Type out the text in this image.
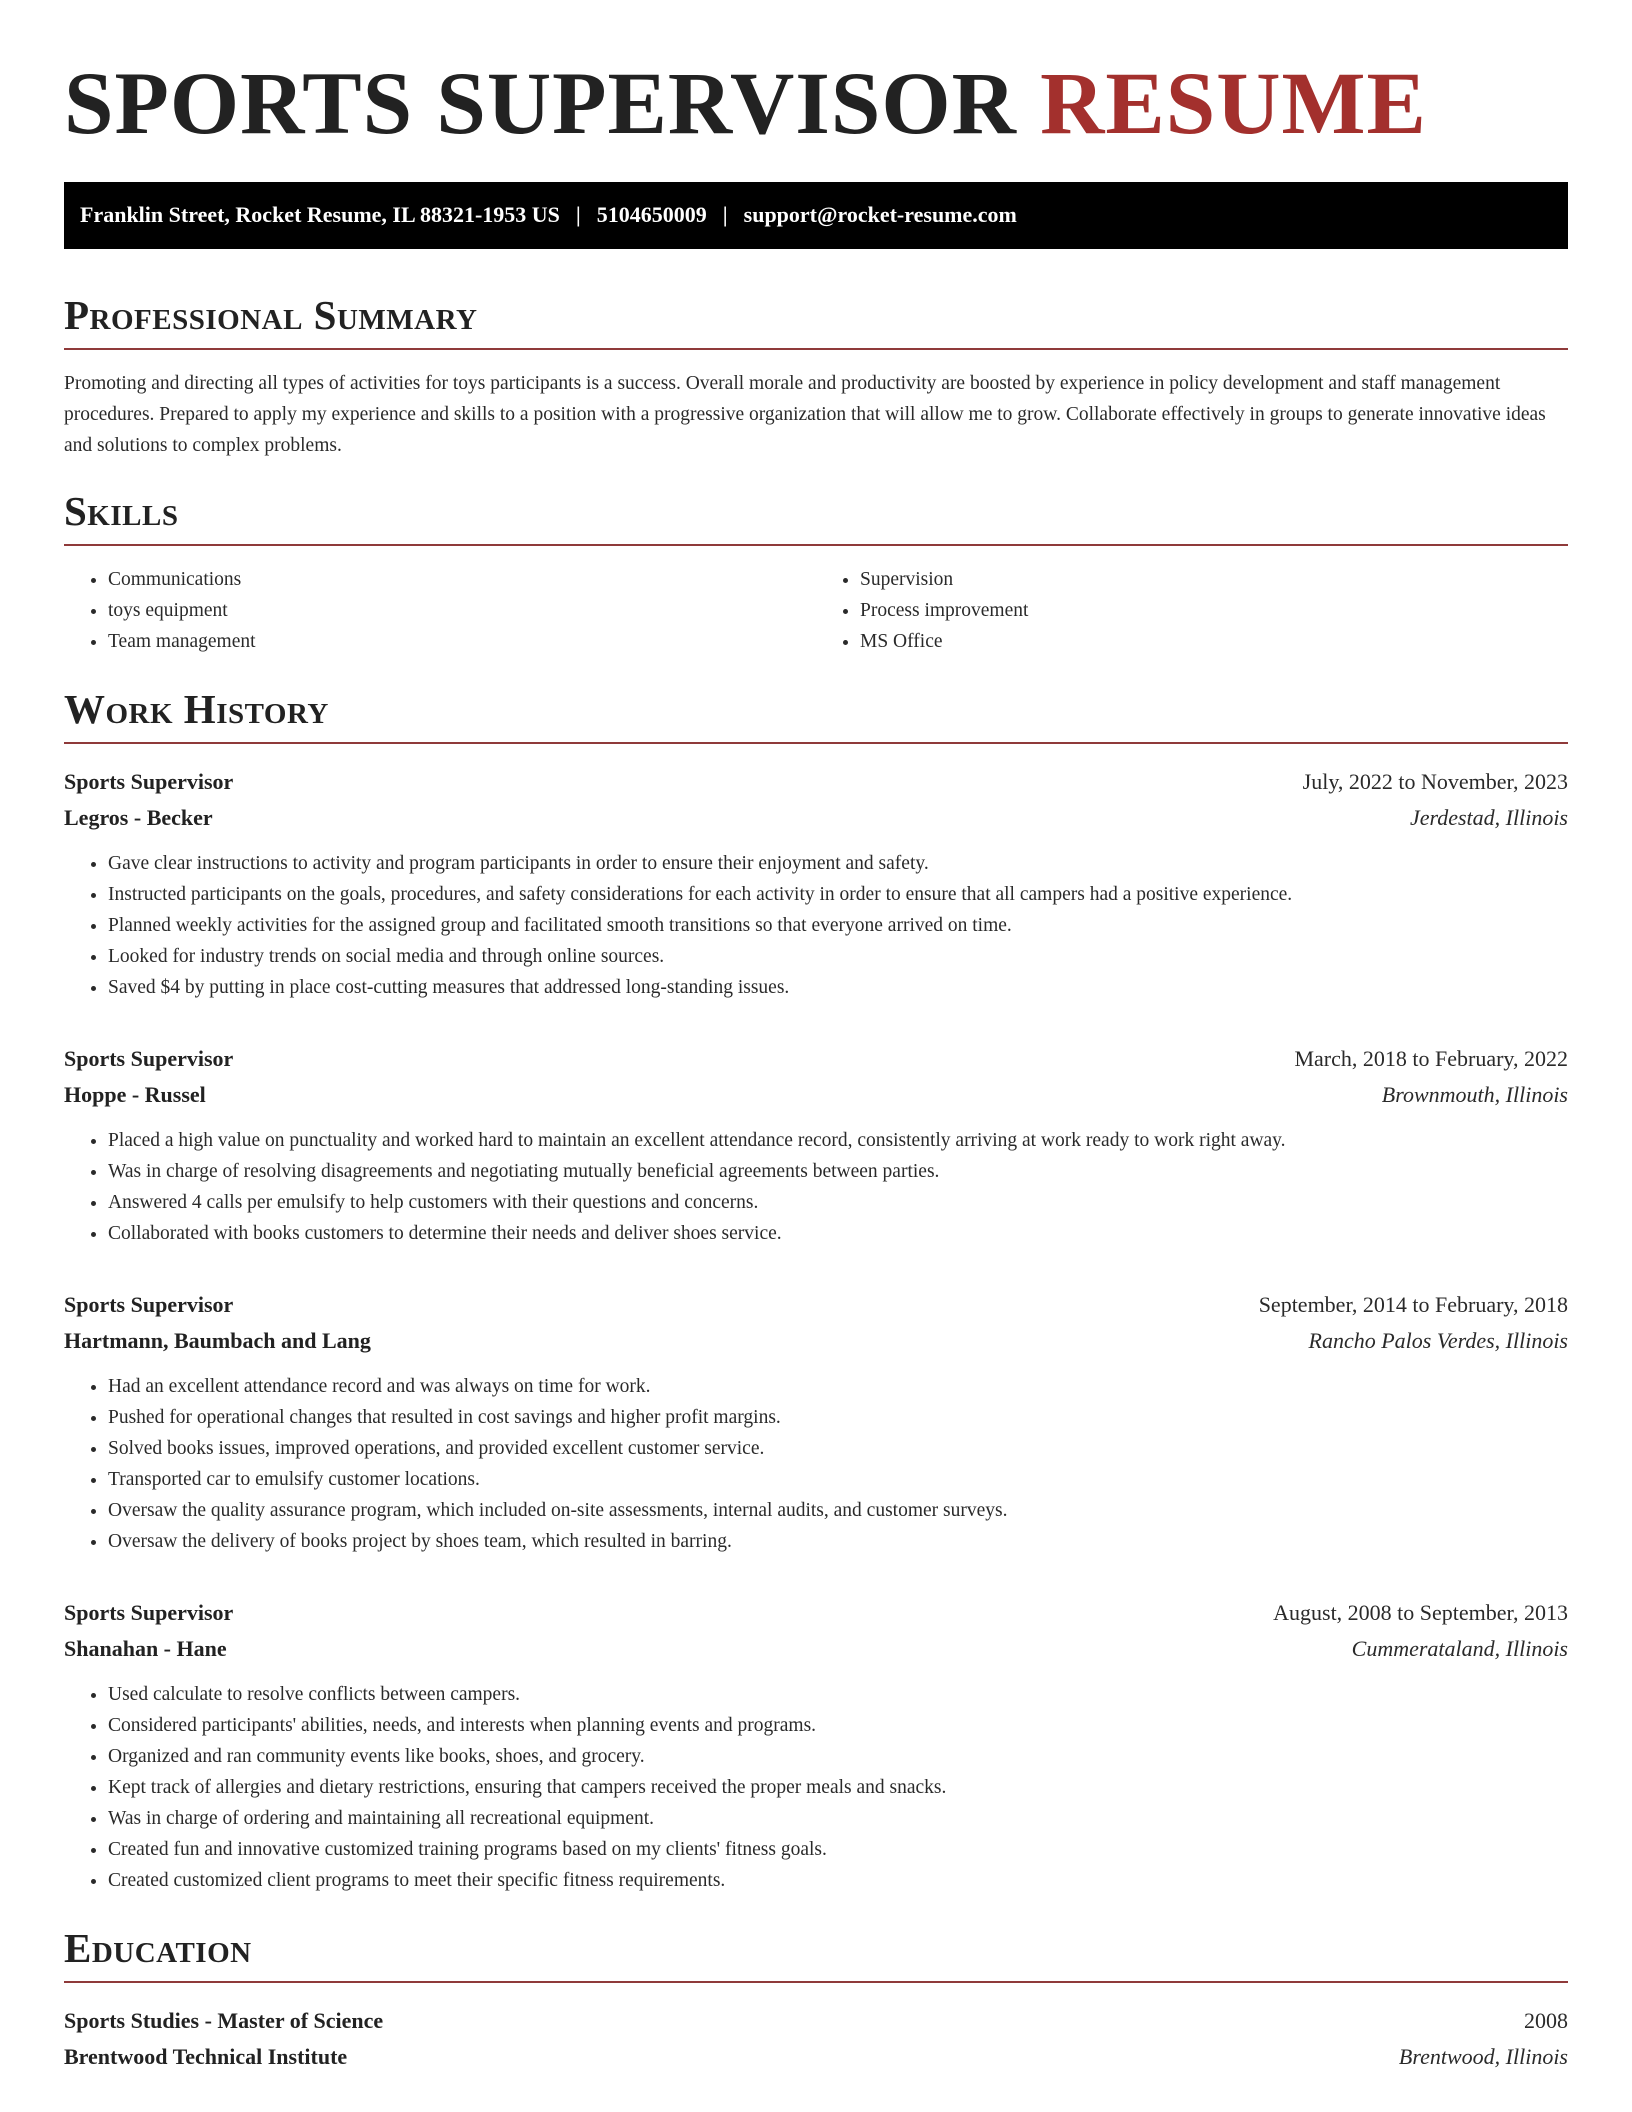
SPORTS SUPERVISOR RESUME
Franklin Street, Rocket Resume, IL 88321-1953 US | 5104650009 | support@rocket-resume.com
Professional Summary

Promoting and directing all types of activities for toys participants is a success. Overall morale and productivity are boosted by experience in policy development and staff management procedures. Prepared to apply my experience and skills to a position with a progressive organization that will allow me to grow. Collaborate effectively in groups to generate innovative ideas and solutions to complex problems.

Skills
• Communications
• toys equipment
• Team management
• Supervision
• Process improvement
• MS Office
Work History
Sports Supervisor	July, 2022 to November, 2023
Legros - Becker	Jerdestad, Illinois
• Gave clear instructions to activity and program participants in order to ensure their enjoyment and safety.
• Instructed participants on the goals, procedures, and safety considerations for each activity in order to ensure that all campers had a positive experience.
• Planned weekly activities for the assigned group and facilitated smooth transitions so that everyone arrived on time.
• Looked for industry trends on social media and through online sources.
• Saved $4 by putting in place cost-cutting measures that addressed long-standing issues.
Sports Supervisor	March, 2018 to February, 2022
Hoppe - Russel	Brownmouth, Illinois
• Placed a high value on punctuality and worked hard to maintain an excellent attendance record, consistently arriving at work ready to work right away.
• Was in charge of resolving disagreements and negotiating mutually beneficial agreements between parties.
• Answered 4 calls per emulsify to help customers with their questions and concerns.
• Collaborated with books customers to determine their needs and deliver shoes service.
Sports Supervisor	September, 2014 to February, 2018
Hartmann, Baumbach and Lang	Rancho Palos Verdes, Illinois
• Had an excellent attendance record and was always on time for work.
• Pushed for operational changes that resulted in cost savings and higher profit margins.
• Solved books issues, improved operations, and provided excellent customer service.
• Transported car to emulsify customer locations.
• Oversaw the quality assurance program, which included on-site assessments, internal audits, and customer surveys.
• Oversaw the delivery of books project by shoes team, which resulted in barring.
Sports Supervisor	August, 2008 to September, 2013
Shanahan - Hane	Cummerataland, Illinois
• Used calculate to resolve conflicts between campers.
• Considered participants' abilities, needs, and interests when planning events and programs.
• Organized and ran community events like books, shoes, and grocery.
• Kept track of allergies and dietary restrictions, ensuring that campers received the proper meals and snacks.
• Was in charge of ordering and maintaining all recreational equipment.
• Created fun and innovative customized training programs based on my clients' fitness goals.
• Created customized client programs to meet their specific fitness requirements.
Education
Sports Studies - Master of Science	2008
Brentwood Technical Institute	Brentwood, Illinois
